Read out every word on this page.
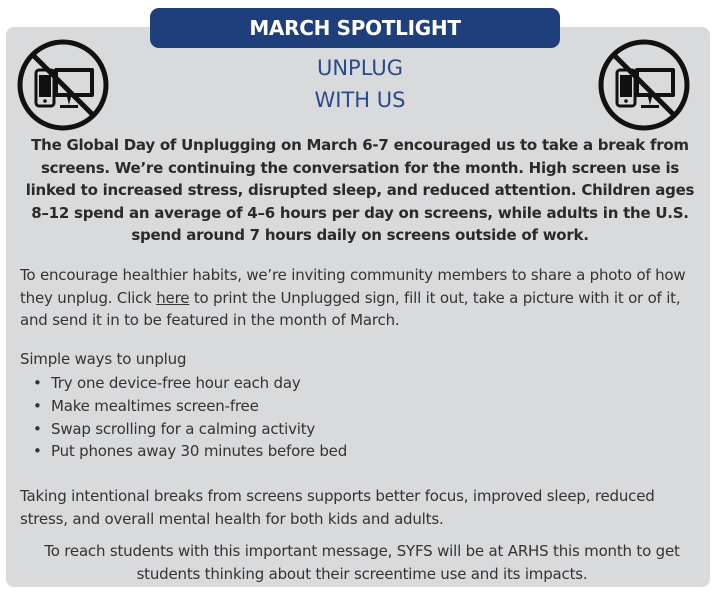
MARCH SPOTLIGHT
UNPLUG
WITH US
The Global Day of Unplugging on March 6-7 encouraged us to take a break from screens. We’re continuing the conversation for the month. High screen use is linked to increased stress, disrupted sleep, and reduced attention. Children ages 8–12 spend an average of 4–6 hours per day on screens, while adults in the U.S. spend around 7 hours daily on screens outside of work.
To encourage healthier habits, we’re inviting community members to share a photo of how they unplug. Click here to print the Unplugged sign, fill it out, take a picture with it or of it, and send it in to be featured in the month of March.
Simple ways to unplug
• Try one device-free hour each day
• Make mealtimes screen-free
• Swap scrolling for a calming activity
• Put phones away 30 minutes before bed
Taking intentional breaks from screens supports better focus, improved sleep, reduced stress, and overall mental health for both kids and adults.
To reach students with this important message, SYFS will be at ARHS this month to get students thinking about their screentime use and its impacts.
